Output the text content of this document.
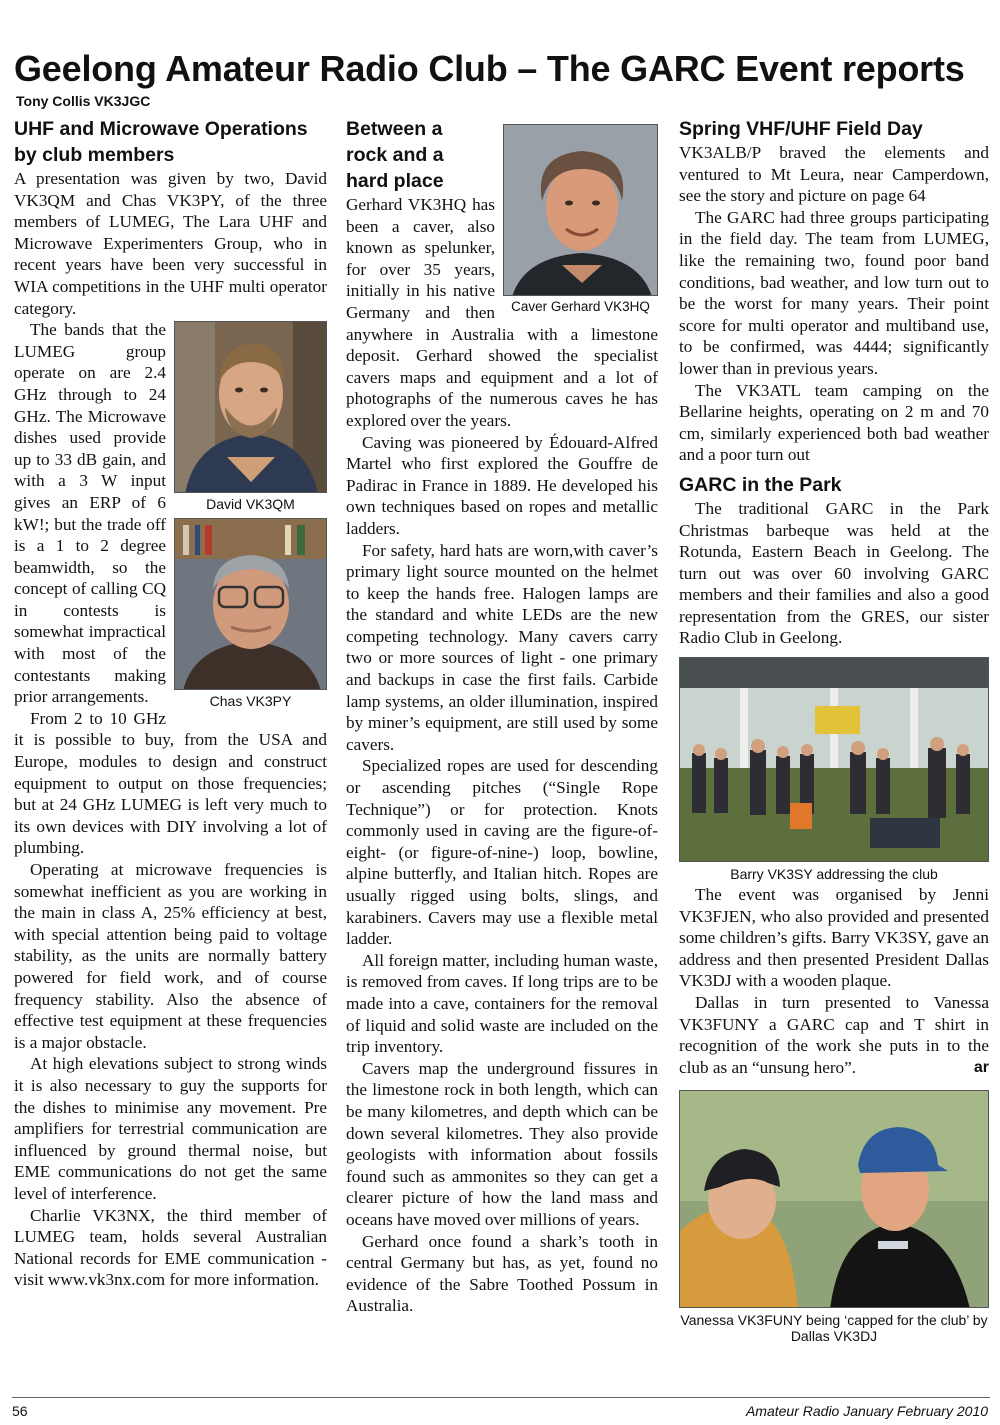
Geelong Amateur Radio Club – The GARC Event reports
Tony Collis VK3JGC
UHF and Microwave Operations by club members

A presentation was given by two, David VK3QM and Chas VK3PY, of the three members of LUMEG, The Lara UHF and Microwave Experimenters Group, who in recent years have been very successful in WIA competitions in the UHF multi operator category.

David VK3QM
Chas VK3PY

The bands that the LUMEG group operate on are 2.4 GHz through to 24 GHz. The Microwave dishes used provide up to 33 dB gain, and with a 3 W input gives an ERP of 6 kW!; but the trade off is a 1 to 2 degree beamwidth, so the concept of calling CQ in contests is somewhat impractical with most of the contestants making prior arrangements.

From 2 to 10 GHz it is possible to buy, from the USA and Europe, modules to design and construct equipment to output on those frequencies; but at 24 GHz LUMEG is left very much to its own devices with DIY involving a lot of plumbing.

Operating at microwave frequencies is somewhat inefficient as you are working in the main in class A, 25% efficiency at best, with special attention being paid to voltage stability, as the units are normally battery powered for field work, and of course frequency stability. Also the absence of effective test equipment at these frequencies is a major obstacle.

At high elevations subject to strong winds it is also necessary to guy the supports for the dishes to minimise any movement. Pre amplifiers for terrestrial communication are influenced by ground thermal noise, but EME communications do not get the same level of interference.

Charlie VK3NX, the third member of LUMEG team, holds several Australian National records for EME communication - visit www.vk3nx.com for more information.

Caver Gerhard VK3HQ
Between a rock and a hard place

Gerhard VK3HQ has been a caver, also known as spelunker, for over 35 years, initially in his native Germany and then anywhere in Australia with a limestone deposit. Gerhard showed the specialist cavers maps and equipment and a lot of photographs of the numerous caves he has explored over the years.

Caving was pioneered by Édouard-Alfred Martel who first explored the Gouffre de Padirac in France in 1889. He developed his own techniques based on ropes and metallic ladders.

For safety, hard hats are worn,with caver’s primary light source mounted on the helmet to keep the hands free. Halogen lamps are the standard and white LEDs are the new competing technology. Many cavers carry two or more sources of light - one primary and backups in case the first fails. Carbide lamp systems, an older illumination, inspired by miner’s equipment, are still used by some cavers.

Specialized ropes are used for descending or ascending pitches (“Single Rope Technique”) or for protection. Knots commonly used in caving are the figure-of-eight- (or figure-of-nine-) loop, bowline, alpine butterfly, and Italian hitch. Ropes are usually rigged using bolts, slings, and karabiners. Cavers may use a flexible metal ladder.

All foreign matter, including human waste, is removed from caves. If long trips are to be made into a cave, containers for the removal of liquid and solid waste are included on the trip inventory.

Cavers map the underground fissures in the limestone rock in both length, which can be many kilometres, and depth which can be down several kilometres. They also provide geologists with information about fossils found such as ammonites so they can get a clearer picture of how the land mass and oceans have moved over millions of years.

Gerhard once found a shark’s tooth in central Germany but has, as yet, found no evidence of the Sabre Toothed Possum in Australia.

Spring VHF/UHF Field Day

VK3ALB/P braved the elements and ventured to Mt Leura, near Camperdown, see the story and picture on page 64

The GARC had three groups participating in the field day. The team from LUMEG, like the remaining two, found poor band conditions, bad weather, and low turn out to be the worst for many years. Their point score for multi operator and multiband use, to be confirmed, was 4444; significantly lower than in previous years.

The VK3ATL team camping on the Bellarine heights, operating on 2 m and 70 cm, similarly experienced both bad weather and a poor turn out

GARC in the Park

The traditional GARC in the Park Christmas barbeque was held at the Rotunda, Eastern Beach in Geelong. The turn out was over 60 involving GARC members and their families and also a good representation from the GRES, our sister Radio Club in Geelong.

Barry VK3SY addressing the club

The event was organised by Jenni VK3FJEN, who also provided and presented some children’s gifts. Barry VK3SY, gave an address and then presented President Dallas VK3DJ with a wooden plaque.

Dallas in turn presented to Vanessa VK3FUNY a GARC cap and T shirt in recognition of the work she puts in to the club as an “unsung hero”.	ar

Vanessa VK3FUNY being ‘capped for the club’ by Dallas VK3DJ
56	Amateur Radio January February 2010
